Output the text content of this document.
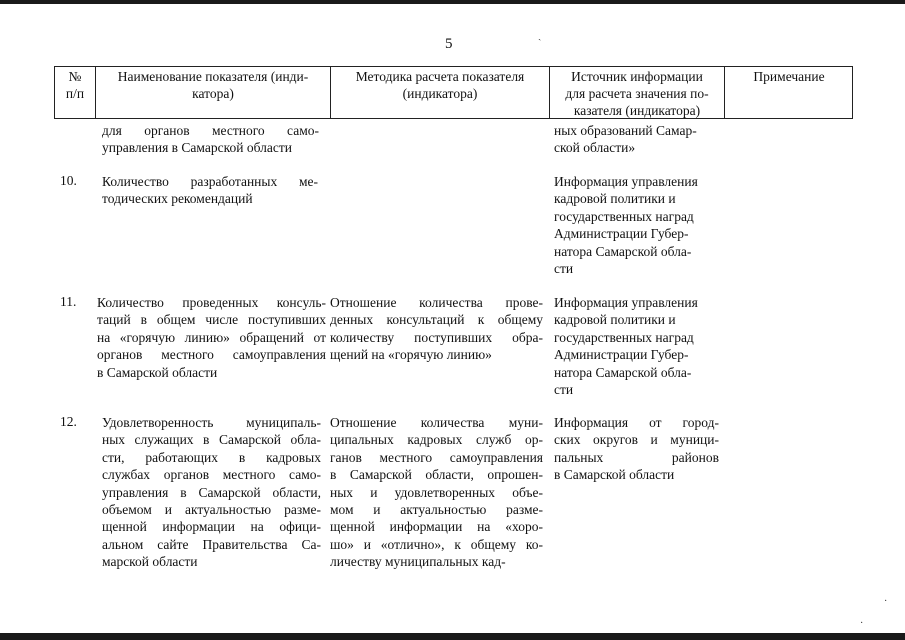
5
ˏ
·
·
№
п/п
Наименование показателя (инди-
катора)
Методика расчета показателя
(индикатора)
Источник информации
для расчета значения по-
казателя (индикатора)
Примечание
для органов местного само-
управления в Самарской области
ных образований Самар-
ской области»
10. Количество разработанных ме-
тодических рекомендаций
Информация управления
кадровой политики и
государственных наград
Администрации Губер-
натора Самарской обла-
сти
11. Количество проведенных консуль-
таций в общем числе поступивших
на «горячую линию» обращений от
органов местного самоуправления
в Самарской области
Отношение количества прове-
денных консультаций к общему
количеству поступивших обра-
щений на «горячую линию»
Информация управления
кадровой политики и
государственных наград
Администрации Губер-
натора Самарской обла-
сти
12. Удовлетворенность муниципаль-
ных служащих в Самарской обла-
сти, работающих в кадровых
службах органов местного само-
управления в Самарской области,
объемом и актуальностью разме-
щенной информации на офици-
альном сайте Правительства Са-
марской области
Отношение количества муни-
ципальных кадровых служб ор-
ганов местного самоуправления
в Самарской области, опрошен-
ных и удовлетворенных объе-
мом и актуальностью разме-
щенной информации на «хоро-
шо» и «отлично», к общему ко-
личеству муниципальных кад-
Информация от город-
ских округов и муници-
пальных районов
в Самарской области
